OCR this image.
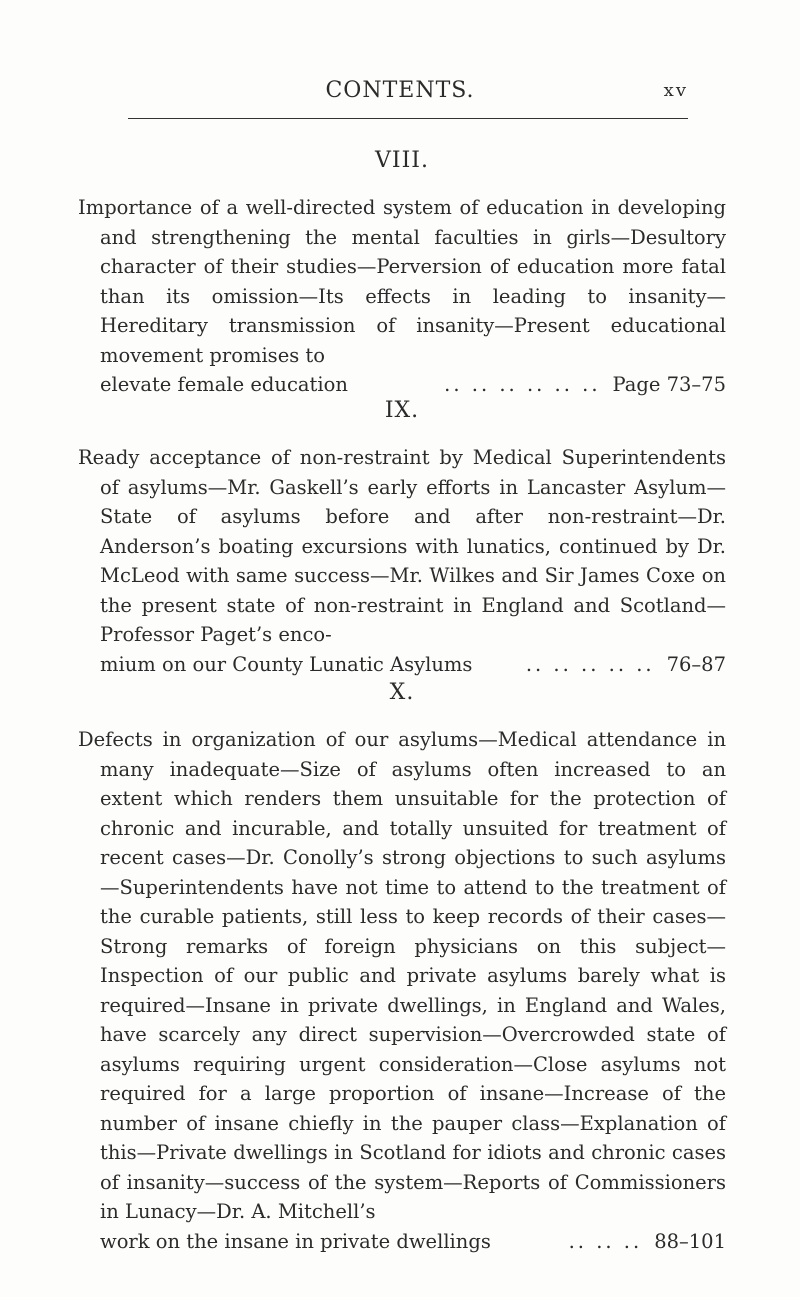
CONTENTS.	xv
VIII.

Importance of a well-directed system of education in developing and strengthening the mental faculties in girls—Desultory character of their studies—Perversion of education more fatal than its omission—Its effects in leading to insanity—Hereditary transmission of insanity—Present educational movement promises to

elevate female education	.. .. .. .. .. .. Page 73–75
IX.

Ready acceptance of non-restraint by Medical Superintendents of asylums—Mr. Gaskell’s early efforts in Lancaster Asylum—State of asylums before and after non-restraint—Dr. Anderson’s boating excursions with lunatics, continued by Dr. McLeod with same success—Mr. Wilkes and Sir James Coxe on the present state of non-restraint in England and Scotland—Professor Paget’s enco-

mium on our County Lunatic Asylums	.. .. .. .. .. 76–87
X.

Defects in organization of our asylums—Medical attendance in many inadequate—Size of asylums often increased to an extent which renders them unsuitable for the protection of chronic and incurable, and totally unsuited for treatment of recent cases—Dr. Conolly’s strong objections to such asylums—Superintendents have not time to attend to the treatment of the curable patients, still less to keep records of their cases—Strong remarks of foreign physicians on this subject—Inspection of our public and private asylums barely what is required—Insane in private dwellings, in England and Wales, have scarcely any direct supervision—Overcrowded state of asylums requiring urgent consideration—Close asylums not required for a large proportion of insane—Increase of the number of insane chiefly in the pauper class—Explanation of this—Private dwellings in Scotland for idiots and chronic cases of insanity—success of the system—Reports of Commissioners in Lunacy—Dr. A. Mitchell’s

work on the insane in private dwellings	.. .. .. 88–101
